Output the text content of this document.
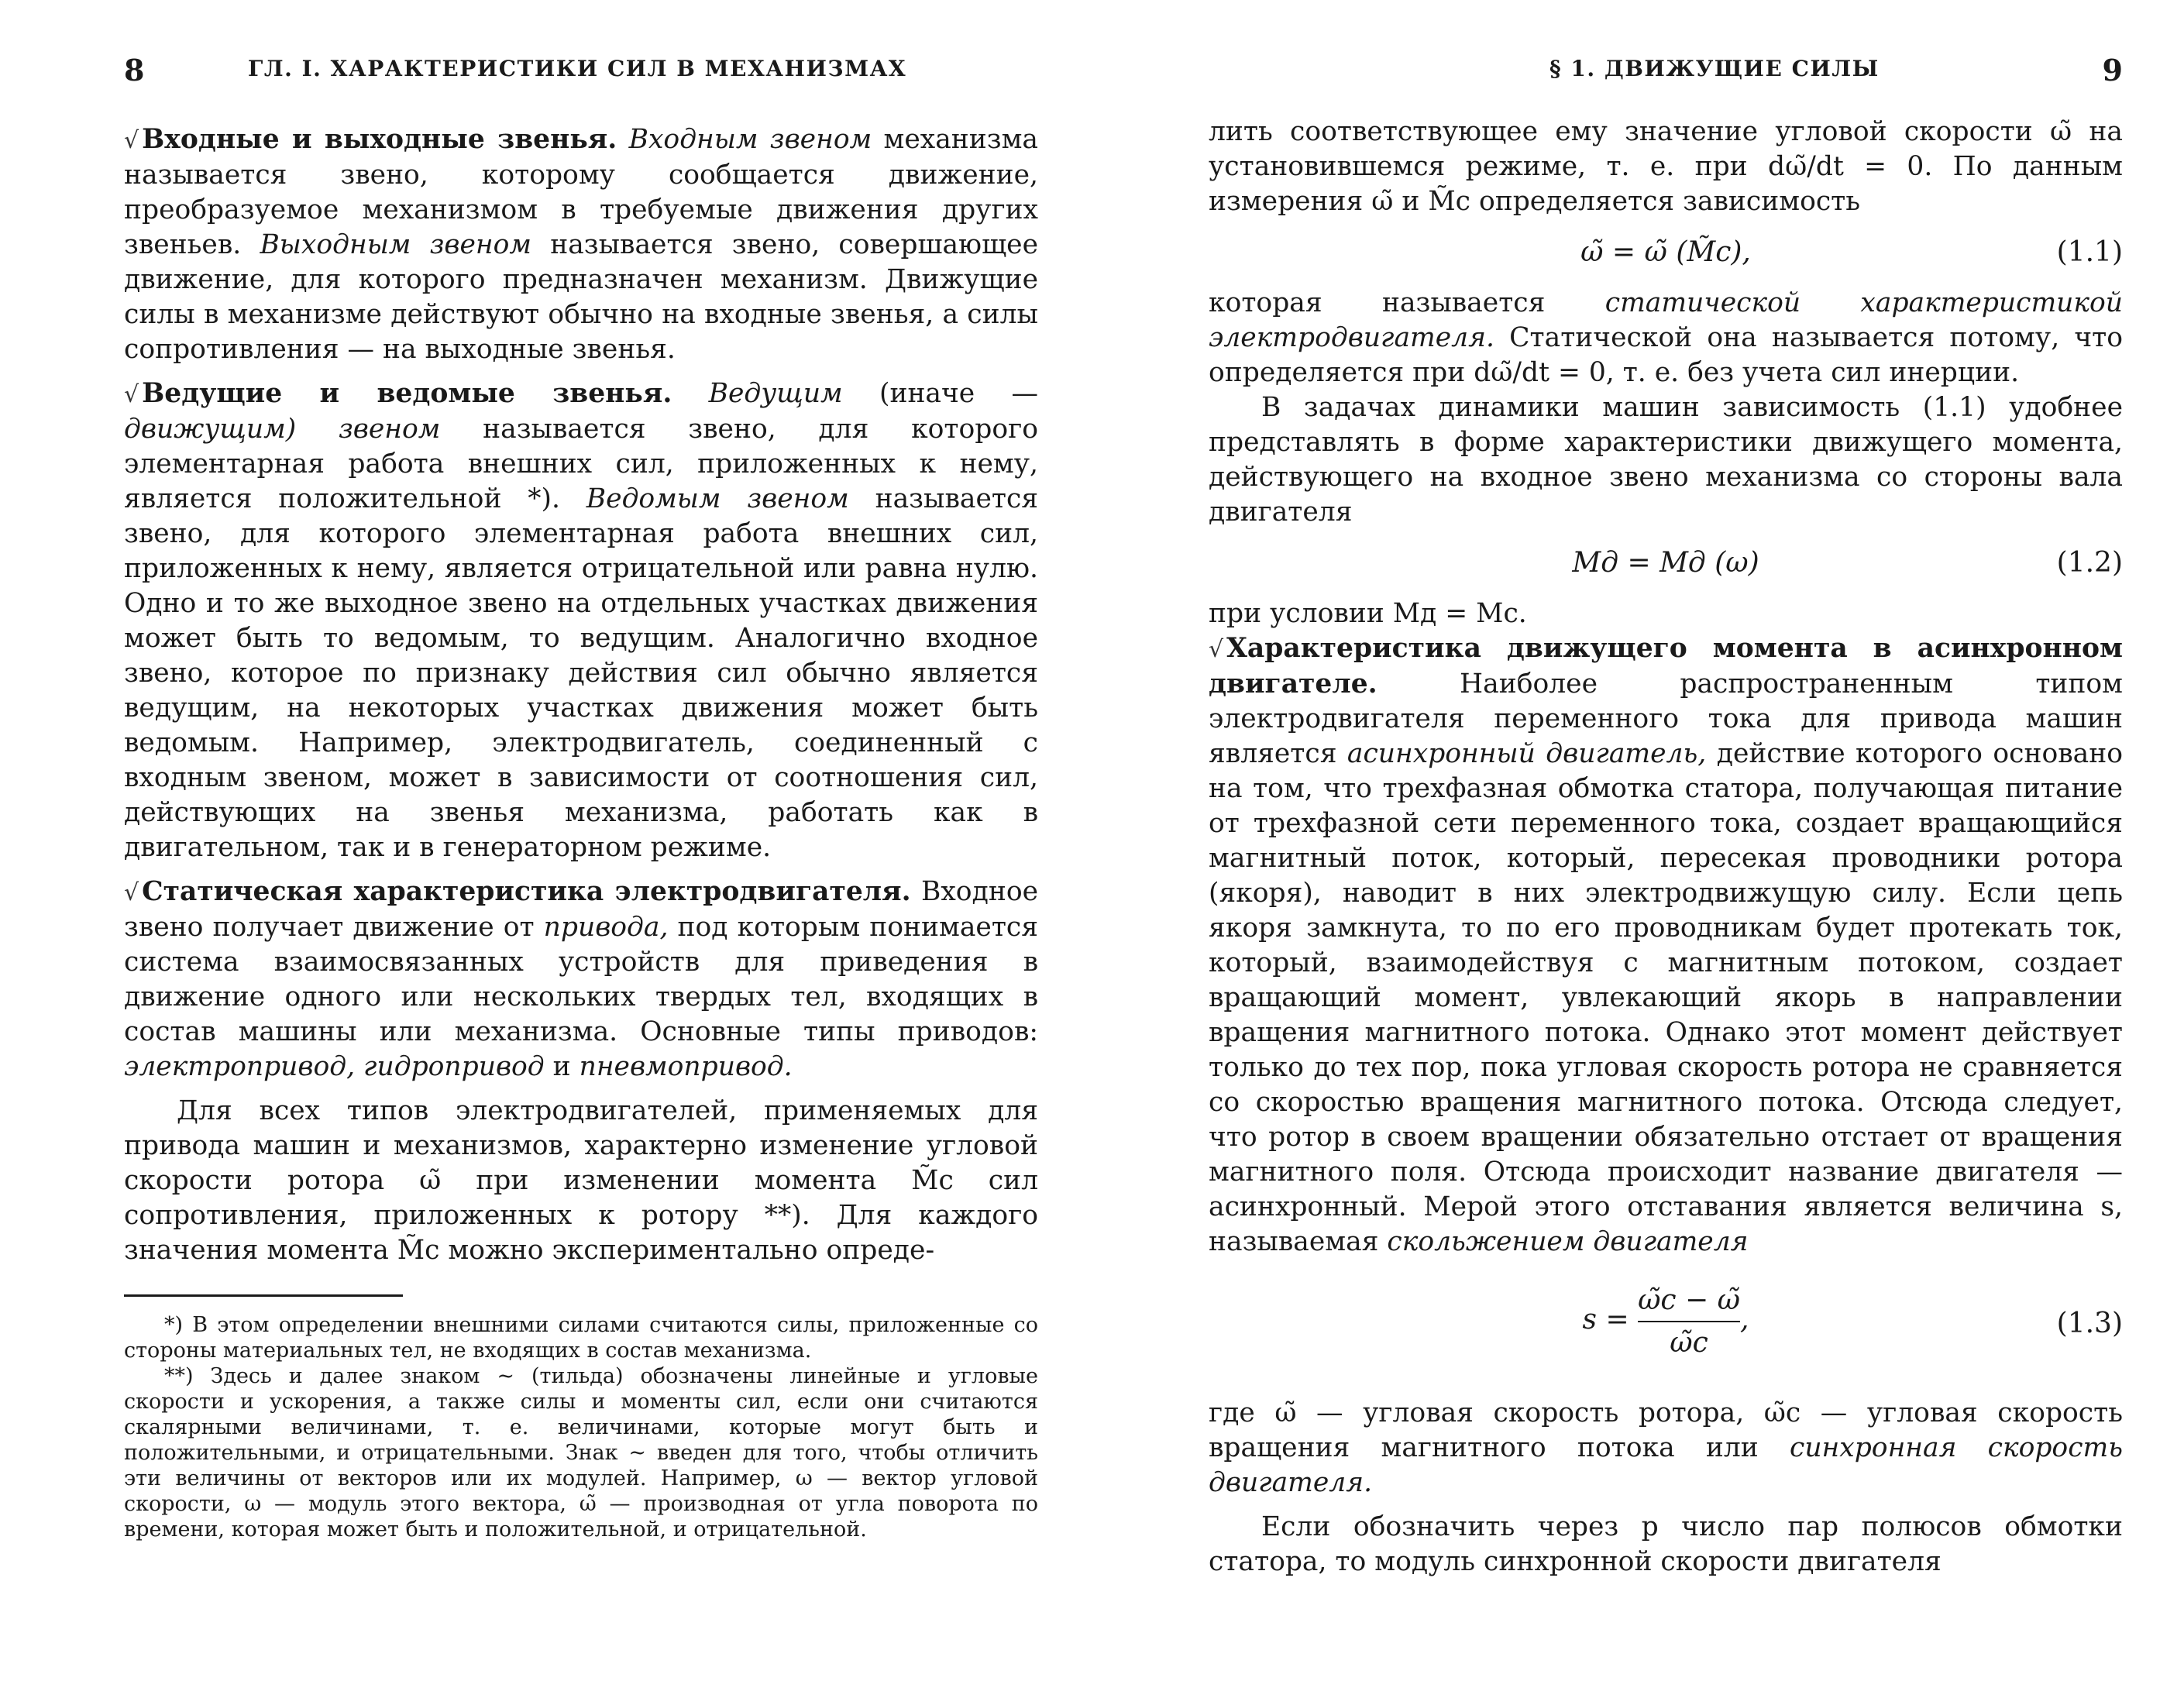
8	ГЛ. I. ХАРАКТЕРИСТИКИ СИЛ В МЕХАНИЗМАХ

√ Входные и выходные звенья. Входным звеном механизма называется звено, которому сообщается движение, преобразуемое механизмом в требуемые движения других звеньев. Выходным звеном называется звено, совершающее движение, для которого предназначен механизм. Движущие силы в механизме действуют обычно на входные звенья, а силы сопротивления — на выходные звенья.

√ Ведущие и ведомые звенья. Ведущим (иначе — движущим) звеном называется звено, для которого элементарная работа внешних сил, приложенных к нему, является положительной *). Ведомым звеном называется звено, для которого элементарная работа внешних сил, приложенных к нему, является отрицательной или равна нулю. Одно и то же выходное звено на отдельных участках движения может быть то ведомым, то ведущим. Аналогично входное звено, которое по признаку действия сил обычно является ведущим, на некоторых участках движения может быть ведомым. Например, электродвигатель, соединенный с входным звеном, может в зависимости от соотношения сил, действующих на звенья механизма, работать как в двигательном, так и в генераторном режиме.

√ Статическая характеристика электродвигателя. Входное звено получает движение от привода, под которым понимается система взаимосвязанных устройств для приведения в движение одного или нескольких твердых тел, входящих в состав машины или механизма. Основные типы приводов: электропривод, гидропривод и пневмопривод.

Для всех типов электродвигателей, применяемых для привода машин и механизмов, характерно изменение угловой скорости ротора ω̃ при изменении момента M̃с сил сопротивления, приложенных к ротору **). Для каждого значения момента M̃с можно экспериментально опреде-

*) В этом определении внешними силами считаются силы, приложенные со стороны материальных тел, не входящих в состав механизма.

**) Здесь и далее знаком ~ (тильда) обозначены линейные и угловые скорости и ускорения, а также силы и моменты сил, если они считаются скалярными величинами, т. е. величинами, которые могут быть и положительными, и отрицательными. Знак ~ введен для того, чтобы отличить эти величины от векторов или их модулей. Например, ω — вектор угловой скорости, ω — модуль этого вектора, ω̃ — производная от угла поворота по времени, которая может быть и положительной, и отрицательной.

§ 1. ДВИЖУЩИЕ СИЛЫ	9

лить соответствующее ему значение угловой скорости ω̃ на установившемся режиме, т. е. при dω̃/dt = 0. По данным измерения ω̃ и M̃с определяется зависимость

ω̃ = ω̃ (M̃с),	(1.1)

которая называется статической характеристикой электродвигателя. Статической она называется потому, что определяется при dω̃/dt = 0, т. е. без учета сил инерции.

В задачах динамики машин зависимость (1.1) удобнее представлять в форме характеристики движущего момента, действующего на входное звено механизма со стороны вала двигателя

Mд = Mд (ω)	(1.2)

при условии Mд = Mс.

√ Характеристика движущего момента в асинхронном двигателе.	Наиболее распространенным типом электродвигателя переменного тока для привода машин является асинхронный двигатель, действие которого основано на том, что трехфазная обмотка статора, получающая питание от трехфазной сети переменного тока, создает вращающийся магнитный поток, который, пересекая проводники ротора (якоря), наводит в них электродвижущую силу. Если цепь якоря замкнута, то по его проводникам будет протекать ток, который, взаимодействуя с магнитным потоком, создает вращающий момент, увлекающий якорь в направлении вращения магнитного потока. Однако этот момент действует только до тех пор, пока угловая скорость ротора не сравняется со скоростью вращения магнитного потока. Отсюда следует, что ротор в своем вращении обязательно отстает от вращения магнитного поля. Отсюда происходит название двигателя — асинхронный. Мерой этого отставания является величина s, называемая скольжением двигателя

$s = \frac{\omegãс - \omegã}{\omegãс}$ ,	(1.3)

где ω̃ — угловая скорость ротора, ω̃с — угловая скорость вращения магнитного потока или синхронная скорость двигателя.

Если обозначить через p число пар полюсов обмотки статора, то модуль синхронной скорости двигателя
